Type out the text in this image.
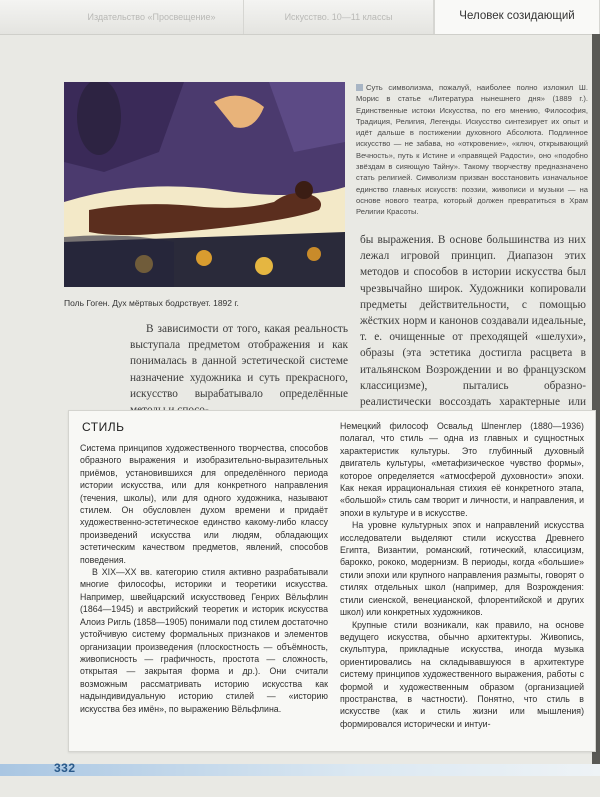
Издательство «Просвещение»	Искусство. 10—11 классы	Человек созидающий
Поль Гоген. Дух мёртвых бодрствует. 1892 г.
Суть символизма, пожалуй, наиболее полно изложил Ш. Морис в статье «Литература нынешнего дня» (1889 г.). Единственные истоки Искусства, по его мнению, Философия, Традиция, Религия, Легенды. Искусство синтезирует их опыт и идёт дальше в постижении духовного Абсолюта. Подлинное искусство — не забава, но «откровение», «ключ, открывающий Вечность», путь к Истине и «правящей Радости», оно «подобно звёздам в сияющую Тайну». Такому творчеству предназначено стать религией. Символизм призван восстановить изначальное единство главных искусств: поэзии, живописи и музыки — на основе нового театра, который должен превратиться в Храм Религии Красоты.
В зависимости от того, какая реальность выступала предметом отображения и как понималась в данной эстетической системе назначение художника и суть прекрасного, искусство вырабатывало определённые
бы выражения. В основе большинства из них лежал игровой принцип. Диапазон этих методов и способов в истории искусства был чрезвычайно широк. Художники копировали предметы действительности, с помощью жёстких норм и канонов создавали идеальные, т. е. очищенные от преходящей «шелухи», образы (эта эстетика достигла расцвета в итальянском Возрождении и во французском классицизме), пытались образно-реалистически воссоздать характерные или
СТИЛЬ

Система принципов художественного творчества, способов образного выражения и изобразительно-выразительных приёмов, установившихся для определённого периода истории искусства, или для конкретного направления (течения, школы), или для одного художника, называют стилем. Он обусловлен духом времени и придаёт художественно-эстетическое единство какому-либо классу произведений искусства или людям, обладающих эстетическим качеством предметов, явлений, способов поведения.

В XIX—XX вв. категорию стиля активно разрабатывали многие философы, историки и теоретики искусства. Например, швейцарский искусствовед Генрих Вёльфлин (1864—1945) и австрийский теоретик и историк искусства Алоиз Ригль (1858—1905) понимали под стилем достаточно устойчивую систему формальных признаков и элементов организации произведения (плоскостность — объёмность, живописность — графичность, простота — сложность, открытая — закрытая форма и др.). Они считали возможным рассматривать историю искусства как надындивидуальную историю стилей — «историю искусства без имён», по выражению Вёльфлина.

Немецкий философ Освальд Шпенглер (1880—1936) полагал, что стиль — одна из главных и сущностных характеристик культуры. Это глубинный духовный двигатель культуры, «метафизическое чувство формы», которое определяется «атмосферой духовности» эпохи. Как некая иррациональная стихия её конкретного этапа, «большой» стиль сам творит и личности, и направления, и эпохи в культуре и в искусстве.

На уровне культурных эпох и направлений искусства исследователи выделяют стили искусства Древнего Египта, Византии, романский, готический, классицизм, барокко, рококо, модернизм. В периоды, когда «большие» стили эпохи или крупного направления размыты, говорят о стилях отдельных школ (например, для Возрождения: стили сиенской, венецианской, флорентийской и других школ) или конкретных художников.

Крупные стили возникали, как правило, на основе ведущего искусства, обычно архитектуры. Живопись, скульптура, прикладные искусства, иногда музыка ориентировались на складывавшуюся в архитектуре систему принципов художественного выражения, работы с формой и художественным образом (организацией пространства, в частности). Понятно, что стиль в искусстве (как и стиль жизни или мышления) формировался исторически и интуи-

332
